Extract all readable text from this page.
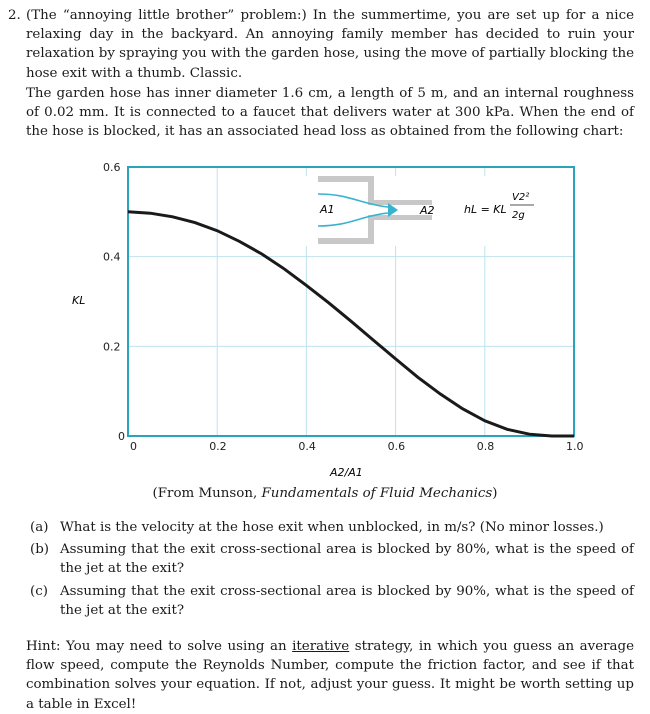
2. (The “annoying little brother” problem:) In the summertime, you are set up for a nice relaxing day in the backyard. An annoying family member has decided to ruin your relaxation by spraying you with the garden hose, using the move of partially blocking the hose exit with a thumb. Classic.

The garden hose has inner diameter 1.6 cm, a length of 5 m, and an internal roughness of 0.02 mm. It is connected to a faucet that delivers water at 300 kPa. When the end of the hose is blocked, it has an associated head loss as obtained from the following chart:

0	0.2	0.4	0.6	0.8	1.0
0
0.2
0.4
0.6
A1	A2	hL = KL
V2²
2g
KL
A2/A1
(From Munson, Fundamentals of Fluid Mechanics)
(a) What is the velocity at the hose exit when unblocked, in m/s? (No minor losses.)
(b) Assuming that the exit cross-sectional area is blocked by 80%, what is the speed of the jet at the exit?
(c) Assuming that the exit cross-sectional area is blocked by 90%, what is the speed of the jet at the exit?
Hint: You may need to solve using an iterative strategy, in which you guess an average flow speed, compute the Reynolds Number, compute the friction factor, and see if that combination solves your equation. If not, adjust your guess. It might be worth setting up a table in Excel!
